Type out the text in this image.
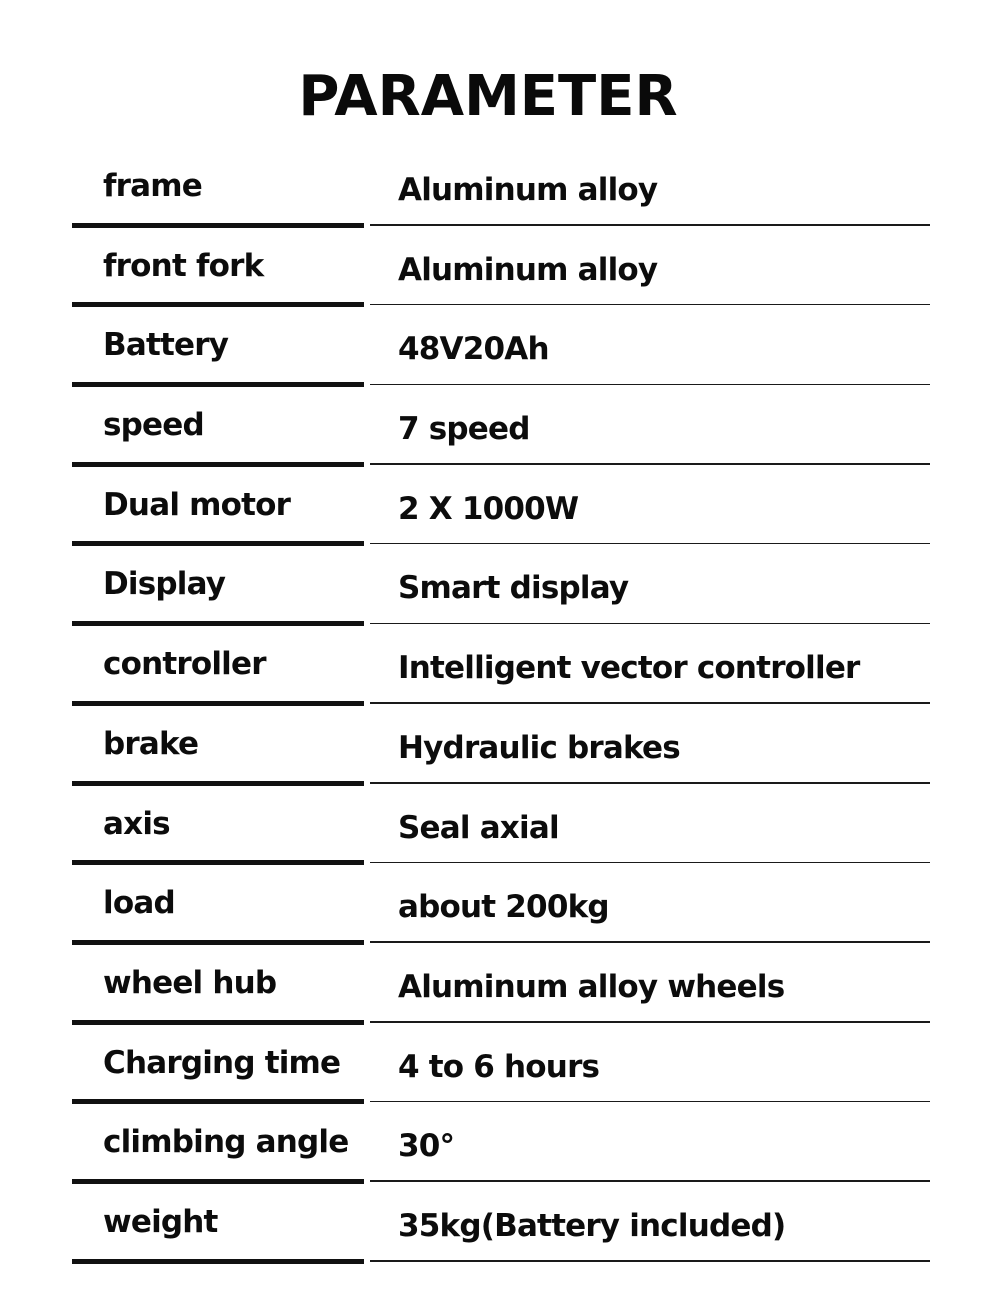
PARAMETER
frame	Aluminum alloy
front fork	Aluminum alloy
Battery	48V20Ah
speed	7 speed
Dual motor	2 X 1000W
Display	Smart display
controller	Intelligent vector controller
brake	Hydraulic brakes
axis	Seal axial
load	about 200kg
wheel hub	Aluminum alloy wheels
Charging time 4 to 6 hours
climbing angle 30°
weight	35kg(Battery included)
